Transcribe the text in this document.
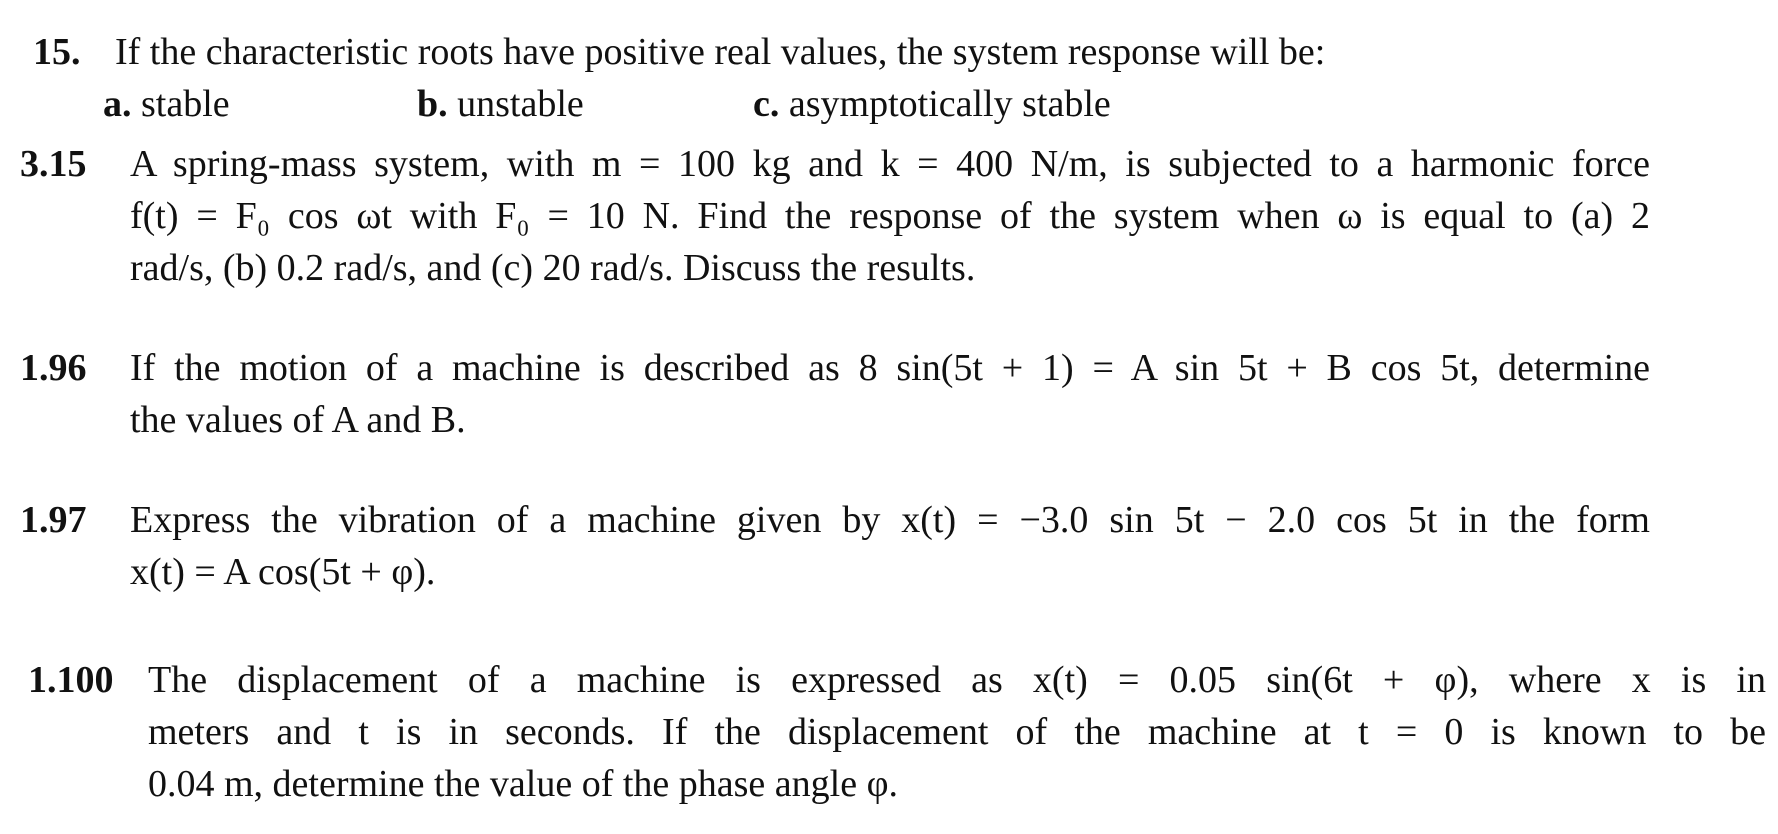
15. If the characteristic roots have positive real values, the system response will be:
a. stable	b. unstable	c. asymptotically stable
3.15 A spring-mass system, with m = 100 kg and k = 400 N/m, is subjected to a harmonic force
f(t) = F₀ cos ωt with F₀ = 10 N. Find the response of the system when ω is equal to (a) 2
rad/s, (b) 0.2 rad/s, and (c) 20 rad/s. Discuss the results.
1.96 If the motion of a machine is described as 8 sin(5t + 1) = A sin 5t + B cos 5t, determine
the values of A and B.
1.97 Express the vibration of a machine given by x(t) = −3.0 sin 5t − 2.0 cos 5t in the form
x(t) = A cos(5t + φ).
1.100 The displacement of a machine is expressed as x(t) = 0.05 sin(6t + φ), where x is in
meters and t is in seconds. If the displacement of the machine at t = 0 is known to be
0.04 m, determine the value of the phase angle φ.
